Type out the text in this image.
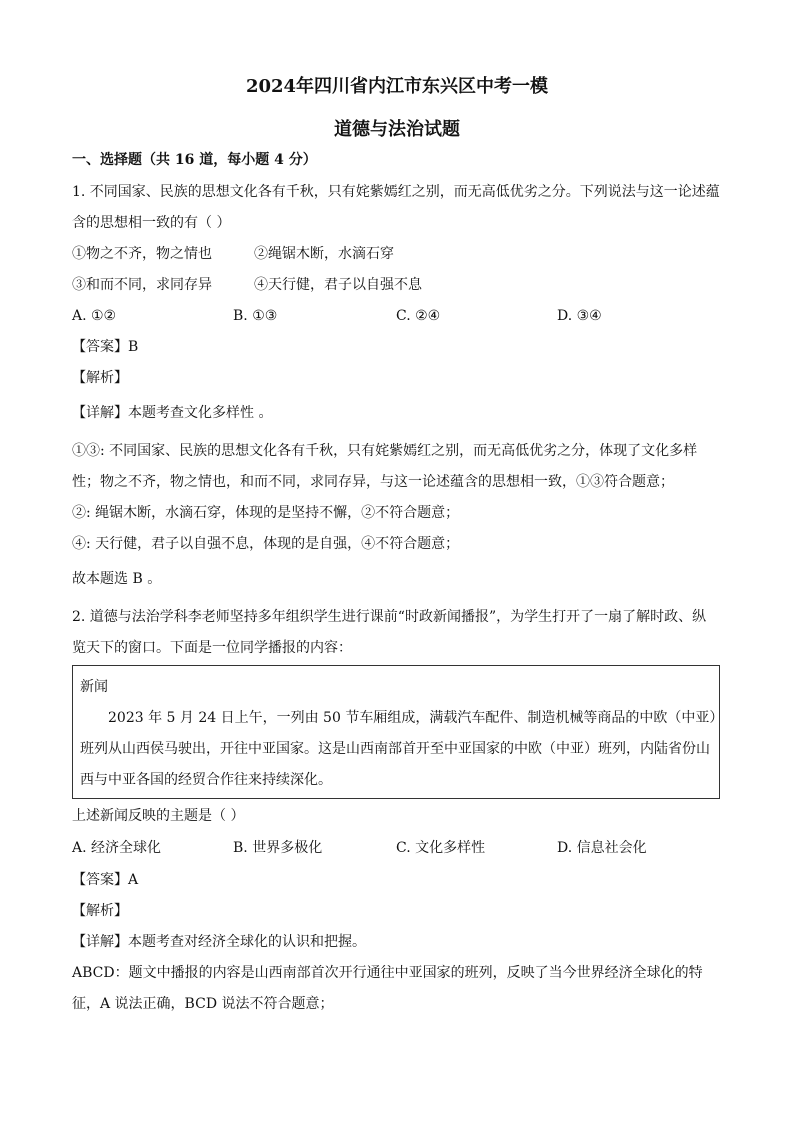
2024年四川省内江市东兴区中考一模
道德与法治试题
一、选择题（共 16 道，每小题 4 分）
1. 不同国家、民族的思想文化各有千秋，只有姹紫嫣红之别，而无高低优劣之分。下列说法与这一论述蕴
含的思想相一致的有（ ）
①物之不齐，物之情也	②绳锯木断，水滴石穿
③和而不同，求同存异	④天行健，君子以自强不息
A. ①②	B. ①③	C. ②④	D. ③④
【答案】B
【解析】
【详解】本题考查文化多样性 。
①③: 不同国家、民族的思想文化各有千秋，只有姹紫嫣红之别，而无高低优劣之分，体现了文化多样
性；物之不齐，物之情也，和而不同，求同存异，与这一论述蕴含的思想相一致，①③符合题意；
②: 绳锯木断，水滴石穿，体现的是坚持不懈，②不符合题意；
④: 天行健，君子以自强不息，体现的是自强，④不符合题意；
故本题选 B 。
2. 道德与法治学科李老师坚持多年组织学生进行课前“时政新闻播报”，为学生打开了一扇了解时政、纵
览天下的窗口。下面是一位同学播报的内容：
新闻
2023 年 5 月 24 日上午，一列由 50 节车厢组成，满载汽车配件、制造机械等商品的中欧（中亚）
班列从山西侯马驶出，开往中亚国家。这是山西南部首开至中亚国家的中欧（中亚）班列，内陆省份山
西与中亚各国的经贸合作往来持续深化。
上述新闻反映的主题是（ ）
A. 经济全球化	B. 世界多极化	C. 文化多样性	D. 信息社会化
【答案】A
【解析】
【详解】本题考查对经济全球化的认识和把握。
ABCD：题文中播报的内容是山西南部首次开行通往中亚国家的班列，反映了当今世界经济全球化的特
征，A 说法正确，BCD 说法不符合题意；
